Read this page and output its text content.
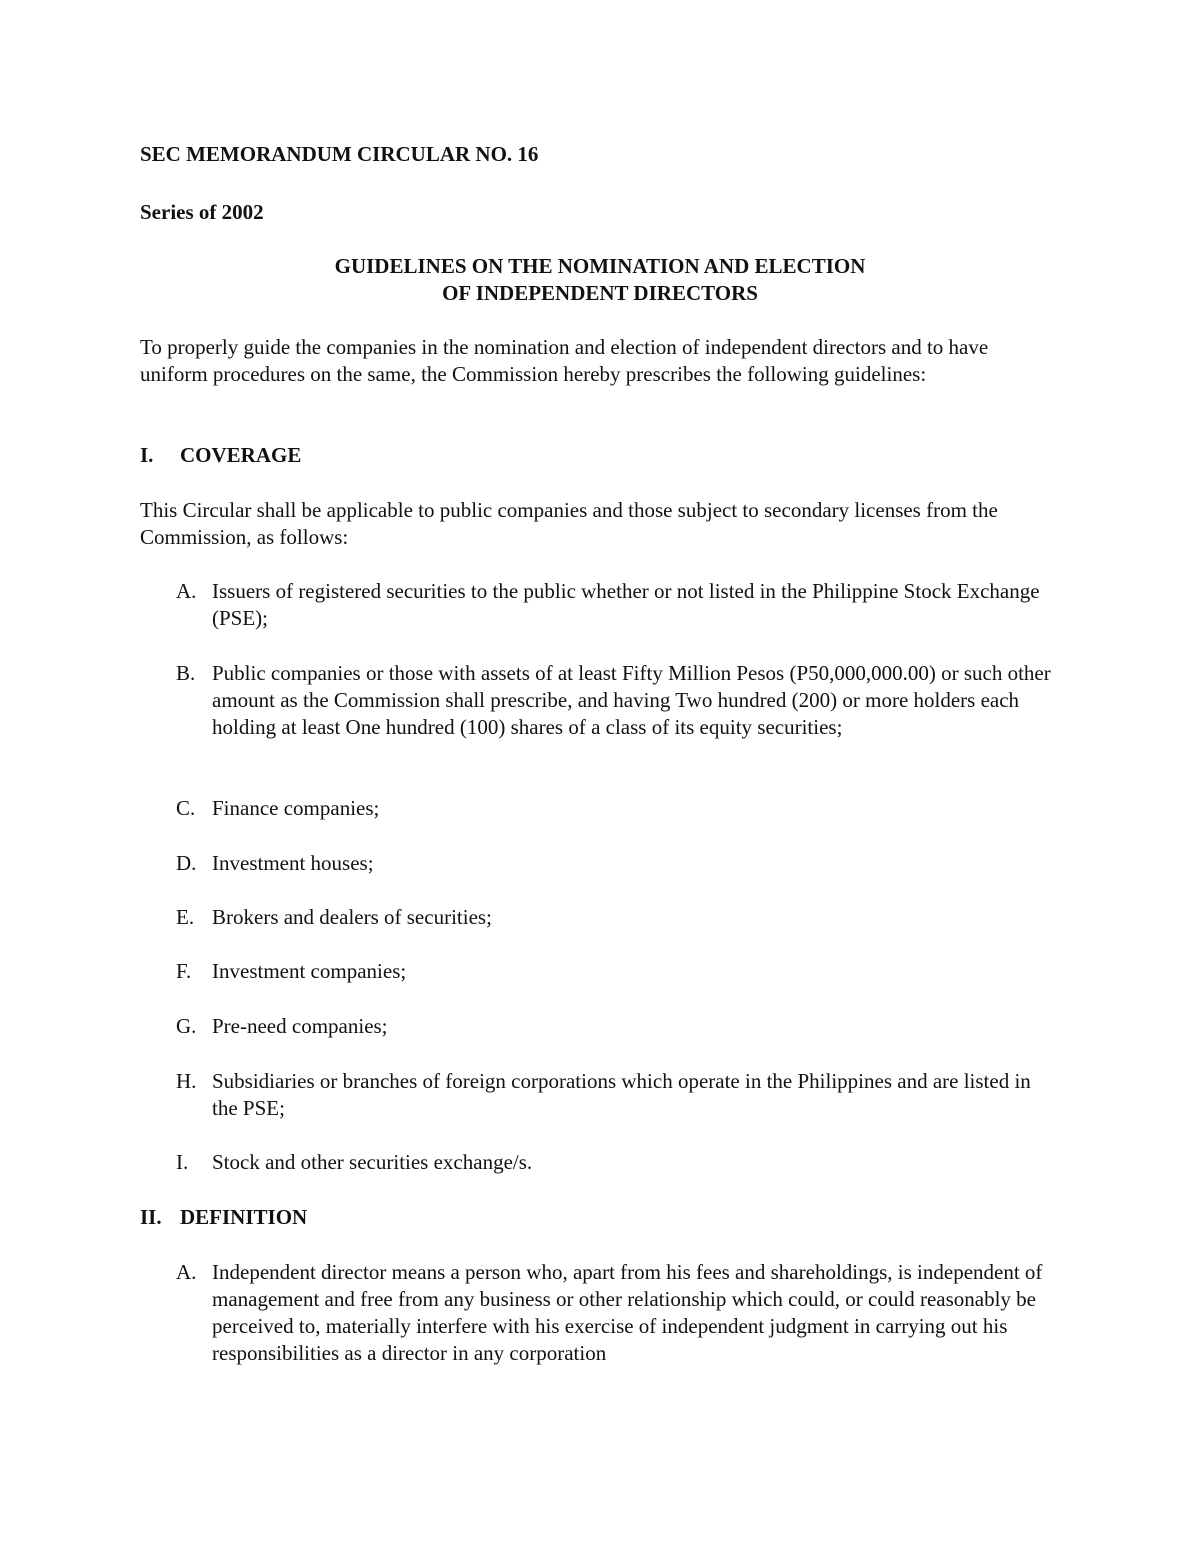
SEC MEMORANDUM CIRCULAR NO. 16
Series of 2002
GUIDELINES ON THE NOMINATION AND ELECTION
OF INDEPENDENT DIRECTORS
To properly guide the companies in the nomination and election of independent directors and to have uniform procedures on the same, the Commission hereby prescribes the following guidelines:
I. COVERAGE
This Circular shall be applicable to public companies and those subject to secondary licenses from the Commission, as follows:
A. Issuers of registered securities to the public whether or not listed in the Philippine Stock Exchange (PSE);
B. Public companies or those with assets of at least Fifty Million Pesos (P50,000,000.00) or such other amount as the Commission shall prescribe, and having Two hundred (200) or more holders each holding at least One hundred (100) shares of a class of its equity securities;
C. Finance companies;
D. Investment houses;
E. Brokers and dealers of securities;
F. Investment companies;
G. Pre-need companies;
H. Subsidiaries or branches of foreign corporations which operate in the Philippines and are listed in the PSE;
I.	Stock and other securities exchange/s.
II. DEFINITION
A. Independent director means a person who, apart from his fees and shareholdings, is independent of management and free from any business or other relationship which could, or could reasonably be perceived to, materially interfere with his exercise of independent judgment in carrying out his responsibilities as a director in any corporation
